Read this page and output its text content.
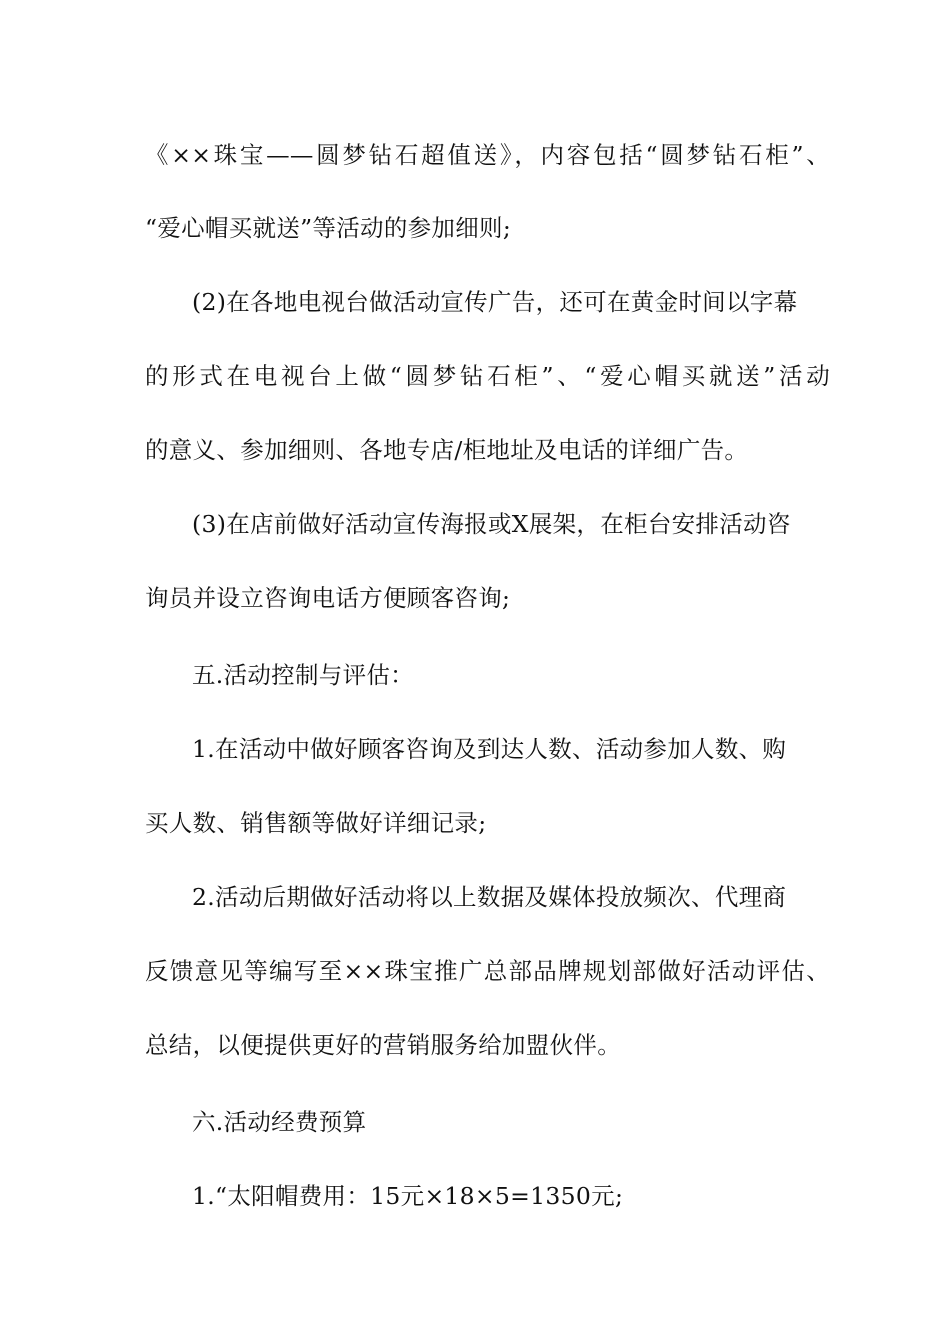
《××珠宝——圆梦钻石超值送》，内容包括“圆梦钻石柜”、
“爱心帽买就送”等活动的参加细则;
(2)在各地电视台做活动宣传广告，还可在黄金时间以字幕
的形式在电视台上做“圆梦钻石柜”、“爱心帽买就送”活动
的意义、参加细则、各地专店/柜地址及电话的详细广告。
(3)在店前做好活动宣传海报或X展架，在柜台安排活动咨
询员并设立咨询电话方便顾客咨询;
五.活动控制与评估：
1.在活动中做好顾客咨询及到达人数、活动参加人数、购
买人数、销售额等做好详细记录;
2.活动后期做好活动将以上数据及媒体投放频次、代理商
反馈意见等编写至××珠宝推广总部品牌规划部做好活动评估、
总结，以便提供更好的营销服务给加盟伙伴。
六.活动经费预算
1.“太阳帽费用：15元×18×5=1350元;
